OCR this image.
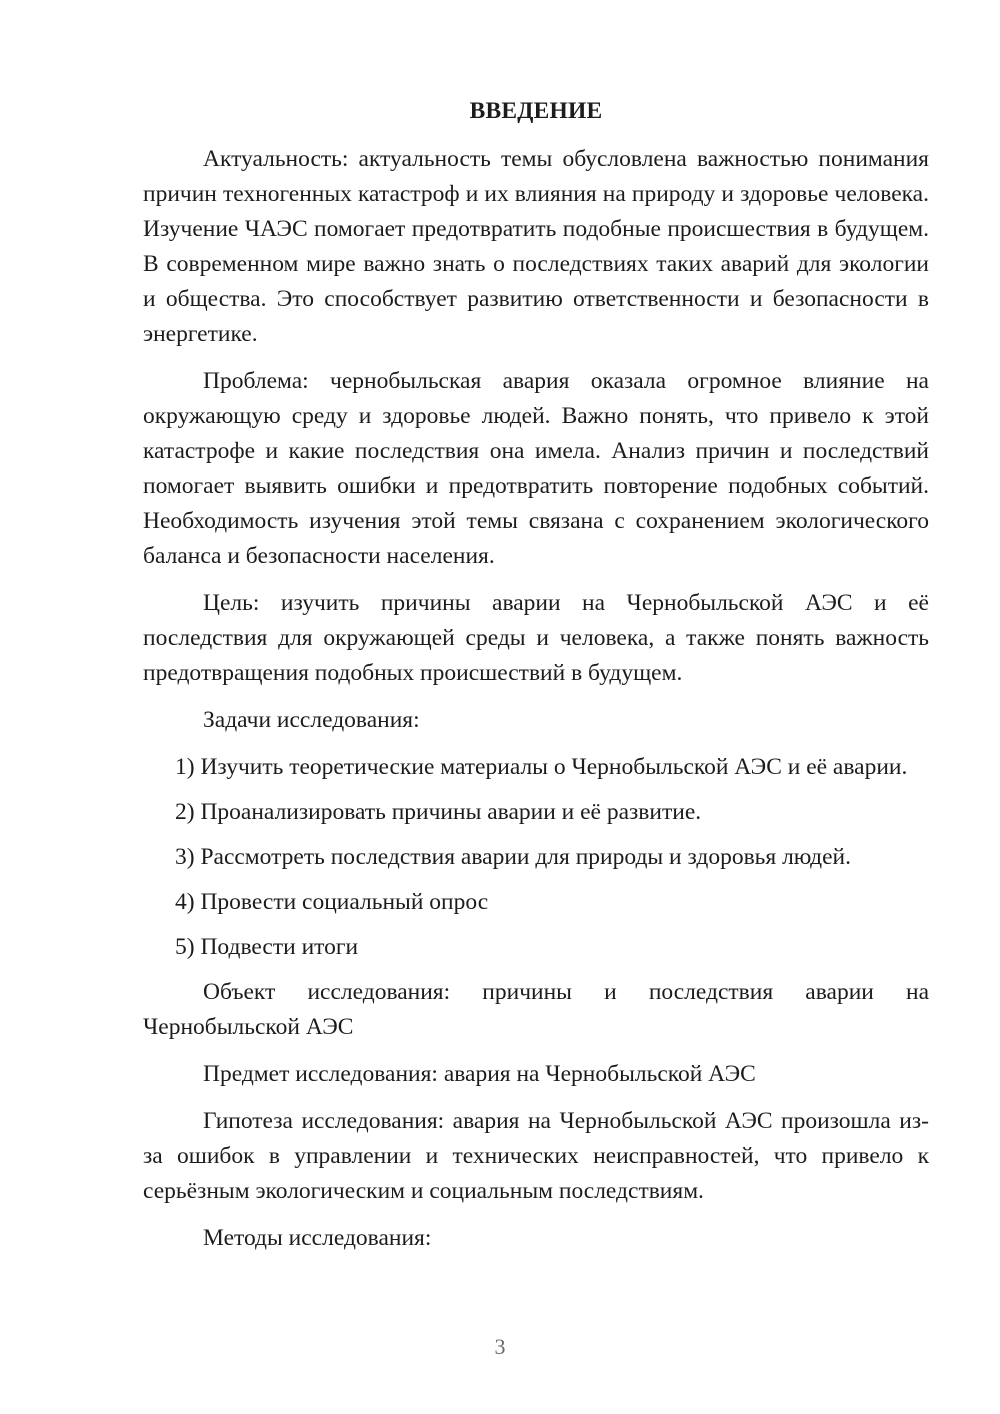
ВВЕДЕНИЕ

Актуальность: актуальность темы обусловлена важностью понимания причин техногенных катастроф и их влияния на природу и здоровье человека. Изучение ЧАЭС помогает предотвратить подобные происшествия в будущем. В современном мире важно знать о последствиях таких аварий для экологии и общества. Это способствует развитию ответственности и безопасности в энергетике.

Проблема: чернобыльская авария оказала огромное влияние на окружающую среду и здоровье людей. Важно понять, что привело к этой катастрофе и какие последствия она имела. Анализ причин и последствий помогает выявить ошибки и предотвратить повторение подобных событий. Необходимость изучения этой темы связана с сохранением экологического баланса и безопасности населения.

Цель: изучить причины аварии на Чернобыльской АЭС и её последствия для окружающей среды и человека, а также понять важность предотвращения подобных происшествий в будущем.

Задачи исследования:

1) Изучить теоретические материалы о Чернобыльской АЭС и её аварии.

2) Проанализировать причины аварии и её развитие.

3) Рассмотреть последствия аварии для природы и здоровья людей.

4) Провести социальный опрос

5) Подвести итоги

Объект исследования: причины и последствия аварии на Чернобыльской АЭС

Предмет исследования: авария на Чернобыльской АЭС

Гипотеза исследования: авария на Чернобыльской АЭС произошла из-за ошибок в управлении и технических неисправностей, что привело к серьёзным экологическим и социальным последствиям.

Методы исследования:

3
